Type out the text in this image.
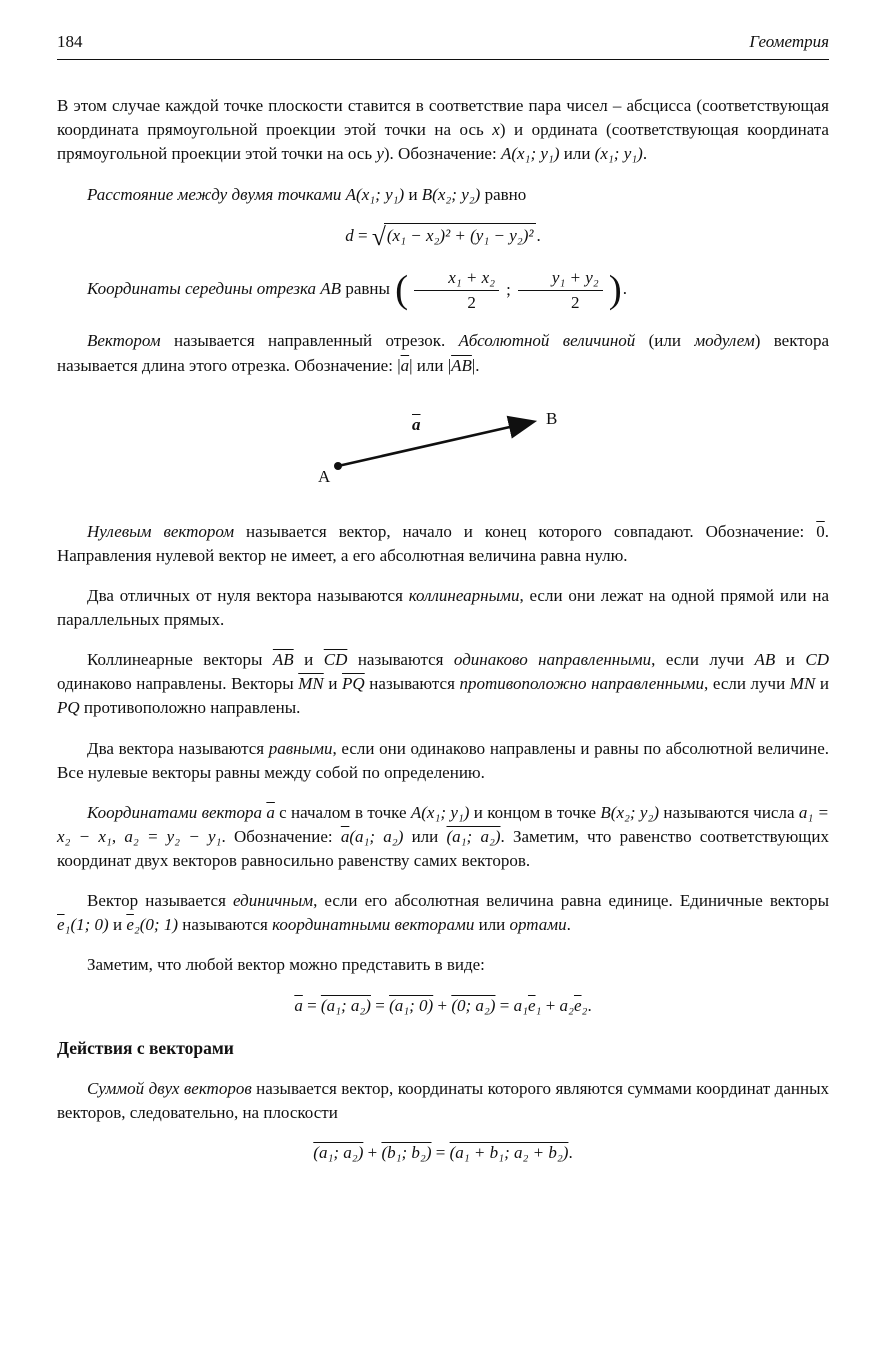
184	Геометрия

В этом случае каждой точке плоскости ставится в соответствие пара чисел – абсцисса (соответствующая координата прямоугольной проекции этой точки на ось x) и ордината (соответствующая координата прямоугольной проекции этой точки на ось y). Обозначение: A(x₁; y₁) или (x₁; y₁).

Расстояние между двумя точками A(x₁; y₁) и B(x₂; y₂) равно

d = √ (x₁ − x₂)² + (y₁ − y₂)² .

Координаты середины отрезка AB равны ( $\frac{\text{x₁ + x₂}}{2}$ ; $\frac{\text{y₁ + y₂}}{2}$ ).

Вектором называется направленный отрезок. Абсолютной величиной (или модулем) вектора называется длина этого отрезка. Обозначение: $|\overline{a}|$ или $|\overline{AB}|$.

A
B
$\overline{a}$

Нулевым вектором называется вектор, начало и конец которого совпадают. Обозначение: 0. Направления нулевой вектор не имеет, а его абсолютная величина равна нулю.

Два отличных от нуля вектора называются коллинеарными, если они лежат на одной прямой или на параллельных прямых.

Коллинеарные векторы $\overline{AB}$ и $\overline{CD}$ называются одинаково направленными, если лучи AB и CD одинаково направлены. Векторы $\overline{MN}$ и $\overline{PQ}$ называются противоположно направленными, если лучи MN и PQ противоположно направлены.

Два вектора называются равными, если они одинаково направлены и равны по абсолютной величине. Все нулевые векторы равны между собой по определению.

Координатами вектора $\overline{a}$ с началом в точке A(x₁; y₁) и концом в точке B(x₂; y₂) называются числа a₁ = x₂ − x₁, a₂ = y₂ − y₁. Обозначение: $\overline{a}(a_1$; a₂) или (a₁; a₂). Заметим, что равенство соответствующих координат двух векторов равносильно равенству самих векторов.

Вектор называется единичным, если его абсолютная величина равна единице. Единичные векторы $\overline{e}_1(1$; 0) и $\overline{e}_2(0$; 1) называются координатными векторами или ортами.

Заметим, что любой вектор можно представить в виде:

$\overline{a} = (a_1$; a₂) = (a₁; 0) + (0; $a_2) = a_1\overline{e}_1 + a_2\overline{e}_2$.
Действия с векторами

Суммой двух векторов называется вектор, координаты которого являются суммами координат данных векторов, следовательно, на плоскости

(a₁; a₂) + (b₁; b₂) = (a₁ + b₁; a₂ + b₂).
